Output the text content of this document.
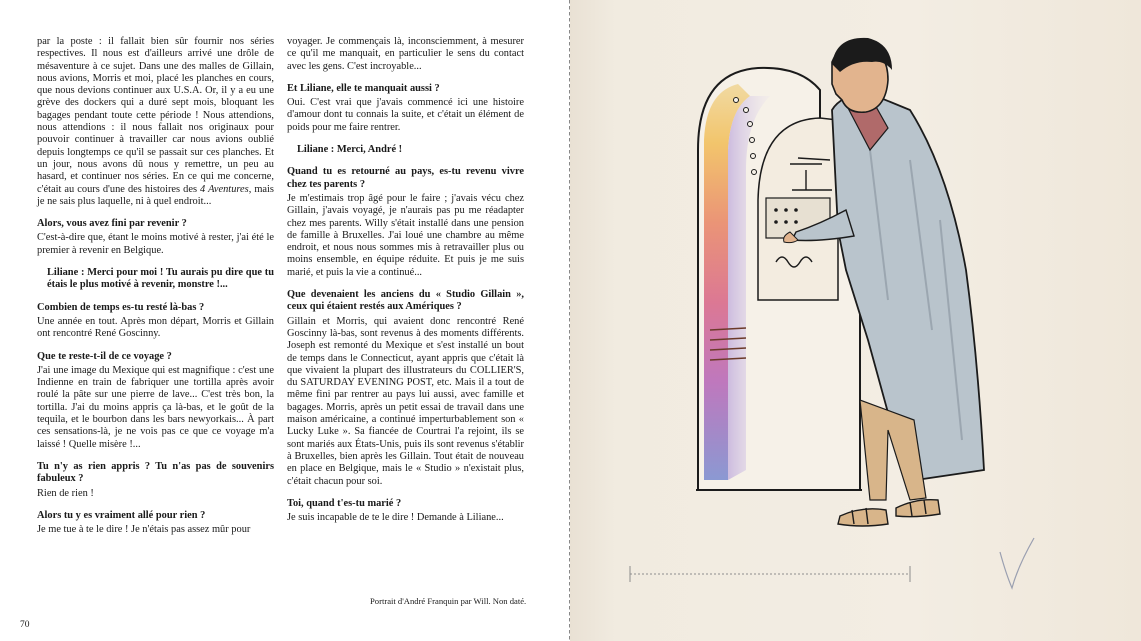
par la poste : il fallait bien sûr fournir nos séries respectives. Il nous est d'ailleurs arrivé une drôle de mésaventure à ce sujet. Dans une des malles de Gillain, nous avions, Morris et moi, placé les planches en cours, que nous devions continuer aux U.S.A. Or, il y a eu une grève des dockers qui a duré sept mois, bloquant les bagages pendant toute cette période ! Nous attendions, nous attendions : il nous fallait nos originaux pour pouvoir continuer à travailler car nous avions oublié depuis longtemps ce qu'il se passait sur ces planches. Et un jour, nous avons dû nous y remettre, un peu au hasard, et continuer nos séries. En ce qui me concerne, c'était au cours d'une des histoires des 4 Aventures, mais je ne sais plus laquelle, ni à quel endroit...

Alors, vous avez fini par revenir ?

C'est-à-dire que, étant le moins motivé à rester, j'ai été le premier à revenir en Belgique.

Liliane : Merci pour moi ! Tu aurais pu dire que tu étais le plus motivé à revenir, monstre !...

Combien de temps es-tu resté là-bas ?

Une année en tout. Après mon départ, Morris et Gillain ont rencontré René Goscinny.

Que te reste-t-il de ce voyage ?

J'ai une image du Mexique qui est magnifique : c'est une Indienne en train de fabriquer une tortilla après avoir roulé la pâte sur une pierre de lave... C'est très bon, la tortilla. J'ai du moins appris ça là-bas, et le goût de la tequila, et le bourbon dans les bars newyorkais... À part ces sensations-là, je ne vois pas ce que ce voyage m'a laissé ! Quelle misère !...

Tu n'y as rien appris ? Tu n'as pas de souvenirs fabuleux ?

Rien de rien !

Alors tu y es vraiment allé pour rien ?

Je me tue à te le dire ! Je n'étais pas assez mûr pour

voyager. Je commençais là, inconsciemment, à mesurer ce qu'il me manquait, en particulier le sens du contact avec les gens. C'est incroyable...

Et Liliane, elle te manquait aussi ?

Oui. C'est vrai que j'avais commencé ici une histoire d'amour dont tu connais la suite, et c'était un élément de poids pour me faire rentrer.

Liliane : Merci, André !

Quand tu es retourné au pays, es-tu revenu vivre chez tes parents ?

Je m'estimais trop âgé pour le faire ; j'avais vécu chez Gillain, j'avais voyagé, je n'aurais pas pu me réadapter chez mes parents. Willy s'était installé dans une pension de famille à Bruxelles. J'ai loué une chambre au même endroit, et nous nous sommes mis à retravailler plus ou moins ensemble, en équipe réduite. Et puis je me suis marié, et puis la vie a continué...

Que devenaient les anciens du « Studio Gillain », ceux qui étaient restés aux Amériques ?

Gillain et Morris, qui avaient donc rencontré René Goscinny là-bas, sont revenus à des moments différents. Joseph est remonté du Mexique et s'est installé un bout de temps dans le Connecticut, ayant appris que c'était là que vivaient la plupart des illustrateurs du COLLIER'S, du SATURDAY EVENING POST, etc. Mais il a tout de même fini par rentrer au pays lui aussi, avec famille et bagages. Morris, après un petit essai de travail dans une maison américaine, a continué imperturbablement son « Lucky Luke ». Sa fiancée de Courtrai l'a rejoint, ils se sont mariés aux États-Unis, puis ils sont revenus s'établir à Bruxelles, bien après les Gillain. Tout était de nouveau en place en Belgique, mais le « Studio » n'existait plus, c'était chacun pour soi.

Toi, quand t'es-tu marié ?

Je suis incapable de te le dire ! Demande à Liliane...

Portrait d'André Franquin par Will. Non daté.
70
12,5
Jege 11
